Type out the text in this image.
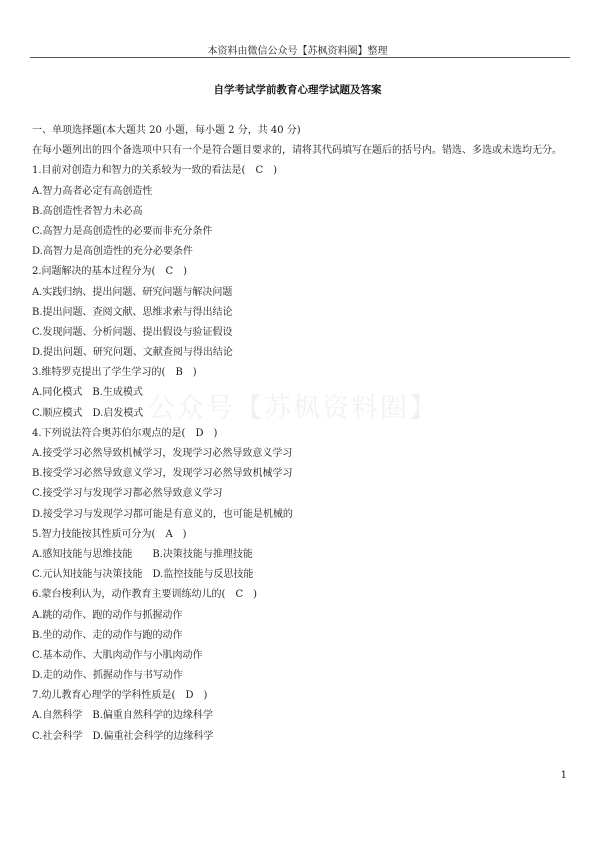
本资料由微信公众号【苏枫资料圈】整理
自学考试学前教育心理学试题及答案
公众号【苏枫资料圈】
一、单项选择题(本大题共 20 小题，每小题 2 分，共 40 分)
在每小题列出的四个备选项中只有一个是符合题目要求的，请将其代码填写在题后的括号内。错选、多选或未选均无分。
1.目前对创造力和智力的关系较为一致的看法是(　C　)
A.智力高者必定有高创造性
B.高创造性者智力未必高
C.高智力是高创造性的必要而非充分条件
D.高智力是高创造性的充分必要条件
2.问题解决的基本过程分为(　C　)
A.实践归纳、提出问题、研究问题与解决问题
B.提出问题、查阅文献、思维求索与得出结论
C.发现问题、分析问题、提出假设与验证假设
D.提出问题、研究问题、文献查阅与得出结论
3.维特罗克提出了学生学习的(　B　)
A.同化模式　B.生成模式
C.顺应模式　D.启发模式
4.下列说法符合奥苏伯尔观点的是(　D　)
A.接受学习必然导致机械学习，发现学习必然导致意义学习
B.接受学习必然导致意义学习，发现学习必然导致机械学习
C.接受学习与发现学习都必然导致意义学习
D.接受学习与发现学习都可能是有意义的，也可能是机械的
5.智力技能按其性质可分为(　A　)
A.感知技能与思维技能　　B.决策技能与推理技能
C.元认知技能与决策技能　D.监控技能与反思技能
6.蒙台梭利认为，动作教育主要训练幼儿的(　C　)
A.跳的动作、跑的动作与抓握动作
B.坐的动作、走的动作与跑的动作
C.基本动作、大肌肉动作与小肌肉动作
D.走的动作、抓握动作与书写动作
7.幼儿教育心理学的学科性质是(　D　)
A.自然科学　B.偏重自然科学的边缘科学
C.社会科学　D.偏重社会科学的边缘科学
1
